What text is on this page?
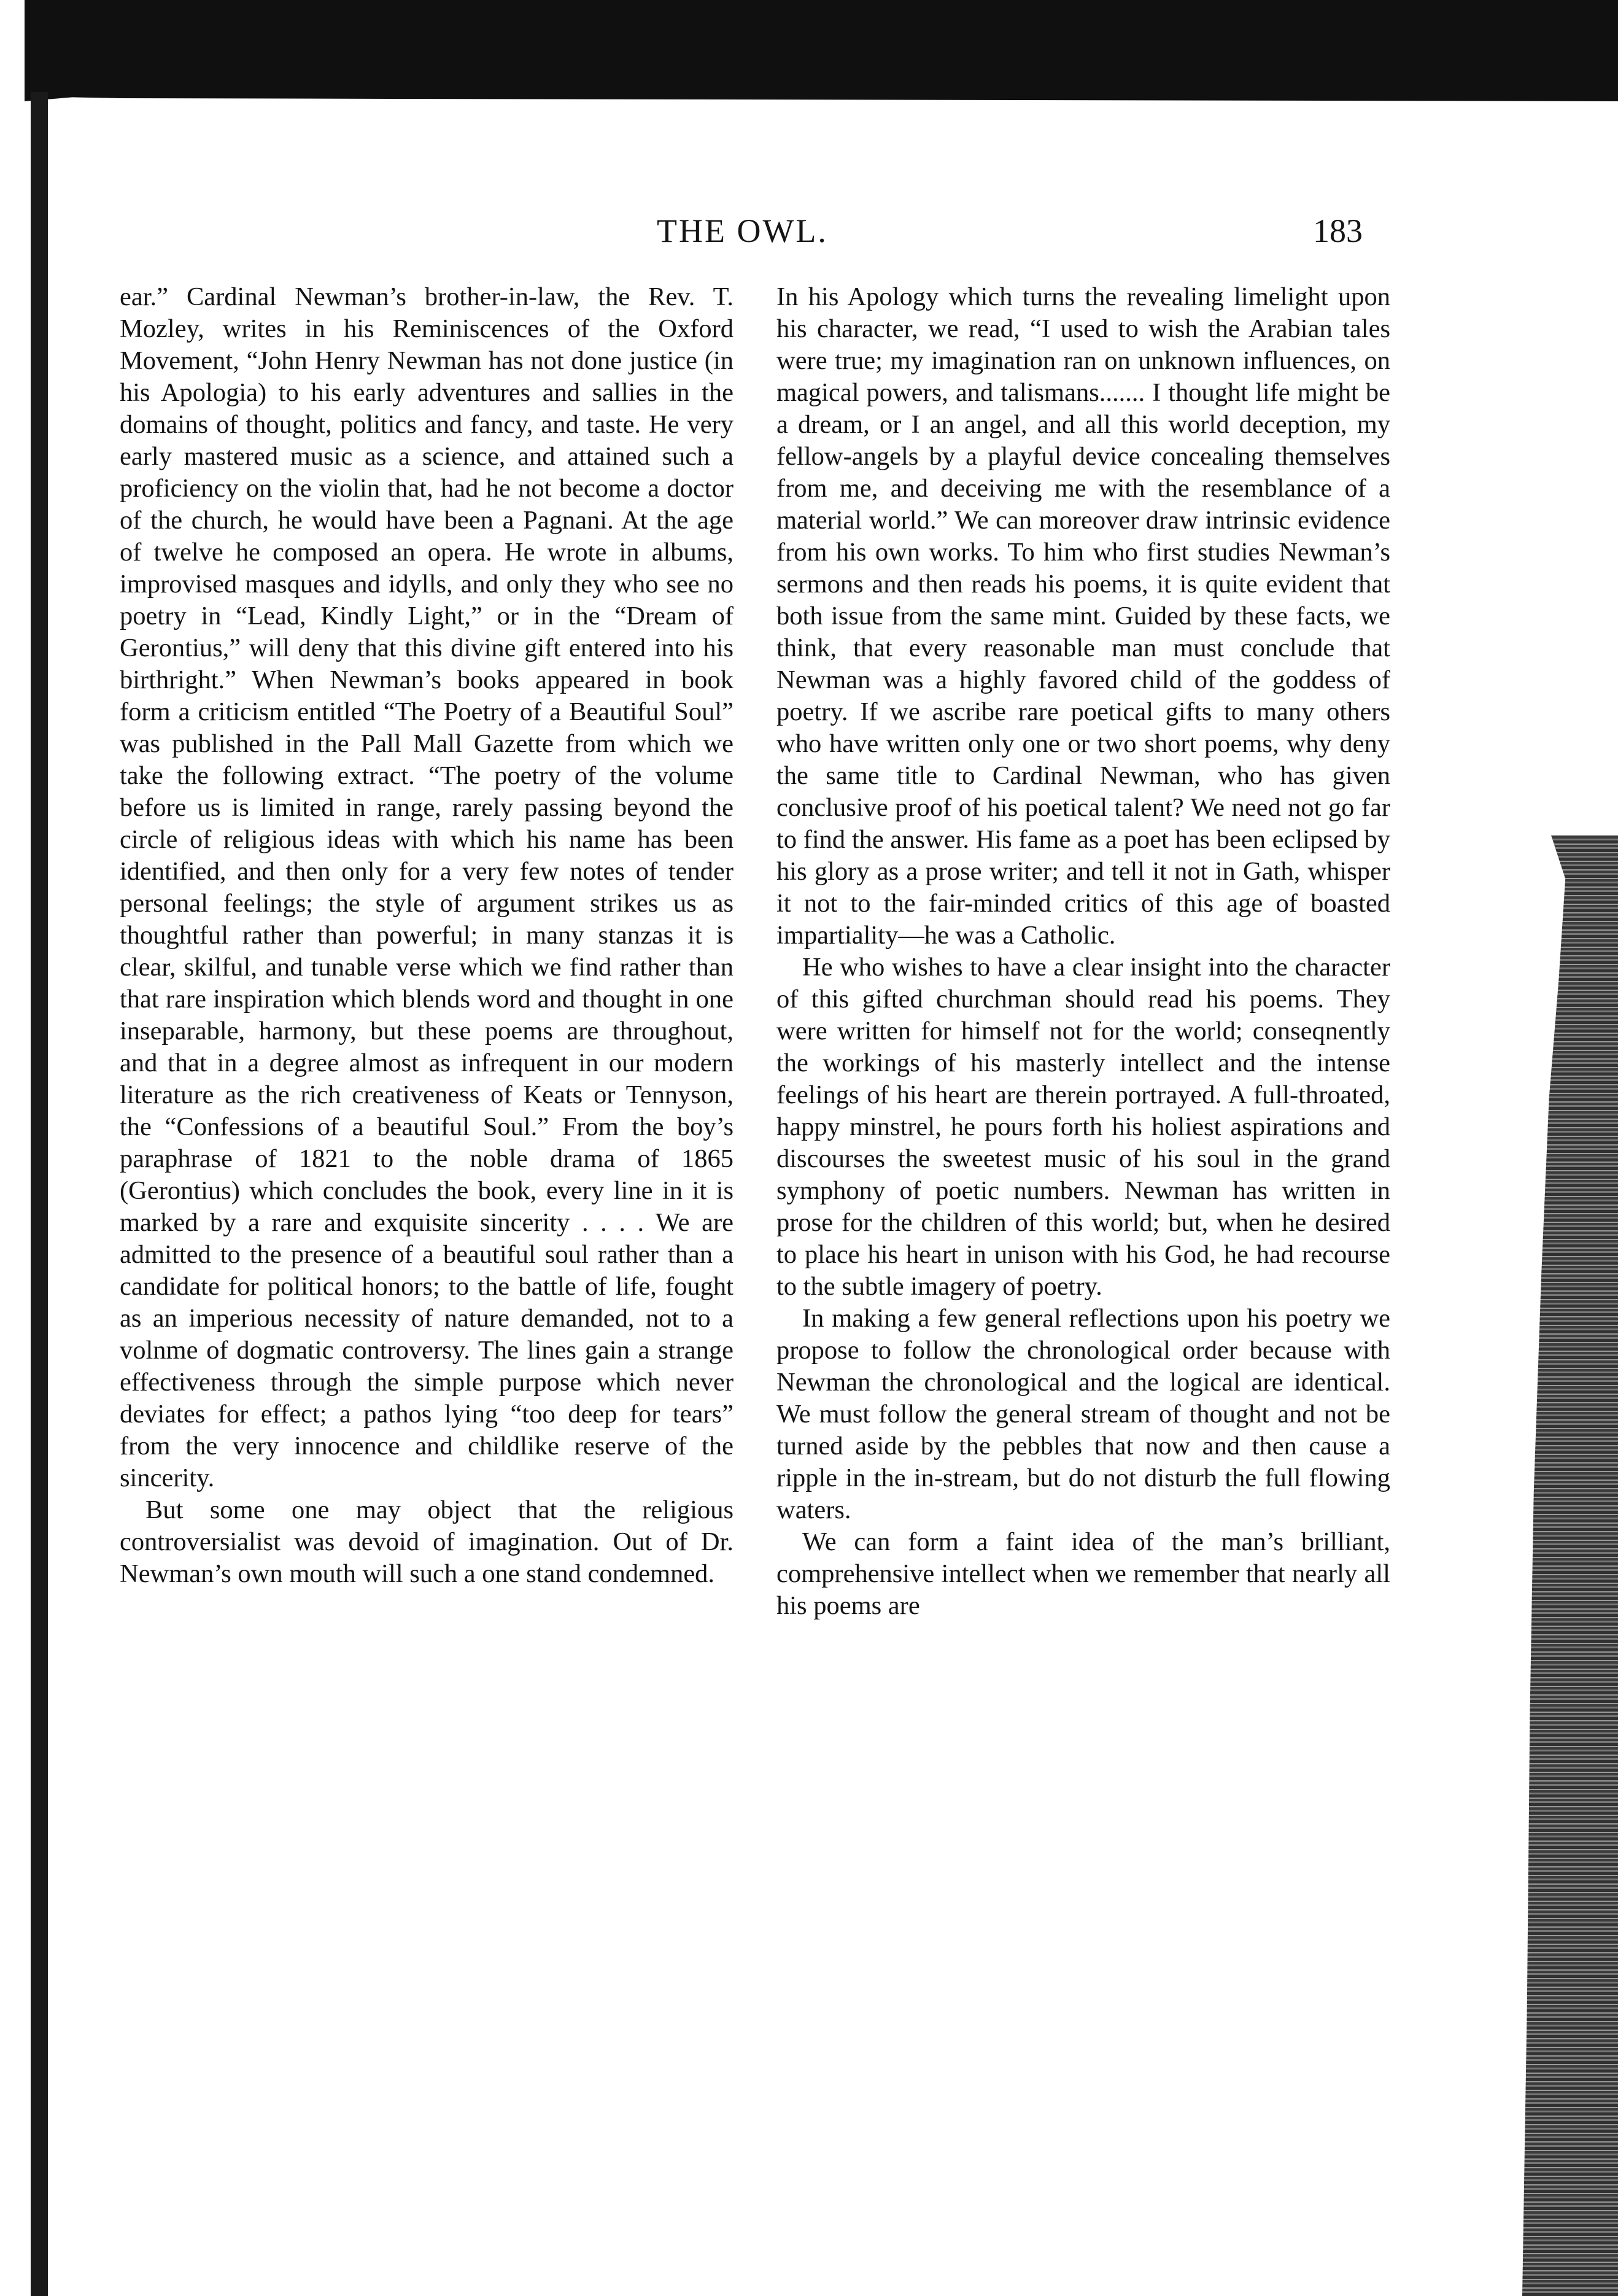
THE OWL.	183

ear.” Cardinal Newman’s brother-in-law, the Rev. T. Mozley, writes in his Reminiscences of the Oxford Movement, “John Henry Newman has not done justice (in his Apologia) to his early adventures and sallies in the domains of thought, politics and fancy, and taste. He very early mastered music as a science, and attained such a proficiency on the violin that, had he not become a doctor of the church, he would have been a Pagnani. At the age of twelve he composed an opera. He wrote in albums, improvised masques and idylls, and only they who see no poetry in “Lead, Kindly Light,” or in the “Dream of Gerontius,” will deny that this divine gift entered into his birthright.” When Newman’s books appeared in book form a criticism entitled “The Poetry of a Beautiful Soul” was published in the Pall Mall Gazette from which we take the following extract. “The poetry of the volume before us is limited in range, rarely passing beyond the circle of religious ideas with which his name has been identified, and then only for a very few notes of tender personal feelings; the style of argument strikes us as thoughtful rather than powerful; in many stanzas it is clear, skilful, and tunable verse which we find rather than that rare inspiration which blends word and thought in one inseparable, harmony, but these poems are throughout, and that in a degree almost as infrequent in our modern literature as the rich creativeness of Keats or Tennyson, the “Confessions of a beautiful Soul.” From the boy’s paraphrase of 1821 to the noble drama of 1865 (Gerontius) which concludes the book, every line in it is marked by a rare and exquisite sincerity . . . . We are admitted to the presence of a beautiful soul rather than a candidate for political honors; to the battle of life, fought as an imperious necessity of nature demanded, not to a volnme of dogmatic controversy. The lines gain a strange effectiveness through the simple purpose which never deviates for effect; a pathos lying “too deep for tears” from the very innocence and childlike reserve of the sincerity.

But some one may object that the religious controversialist was devoid of imagination. Out of Dr. Newman’s own mouth will such a one stand condemned.

In his Apology which turns the revealing limelight upon his character, we read, “I used to wish the Arabian tales were true; my imagination ran on unknown influences, on magical powers, and talismans....... I thought life might be a dream, or I an angel, and all this world deception, my fellow-angels by a playful device concealing themselves from me, and deceiving me with the resemblance of a material world.” We can moreover draw intrinsic evidence from his own works. To him who first studies Newman’s sermons and then reads his poems, it is quite evident that both issue from the same mint. Guided by these facts, we think, that every reasonable man must conclude that Newman was a highly favored child of the goddess of poetry. If we ascribe rare poetical gifts to many others who have written only one or two short poems, why deny the same title to Cardinal Newman, who has given conclusive proof of his poetical talent? We need not go far to find the answer. His fame as a poet has been eclipsed by his glory as a prose writer; and tell it not in Gath, whisper it not to the fair-minded critics of this age of boasted impartiality—he was a Catholic.

He who wishes to have a clear insight into the character of this gifted churchman should read his poems. They were written for himself not for the world; conseqnently the workings of his masterly intellect and the intense feelings of his heart are therein portrayed. A full-throated, happy minstrel, he pours forth his holiest aspirations and discourses the sweetest music of his soul in the grand symphony of poetic numbers. Newman has written in prose for the children of this world; but, when he desired to place his heart in unison with his God, he had recourse to the subtle imagery of poetry.

In making a few general reflections upon his poetry we propose to follow the chronological order because with Newman the chronological and the logical are identical. We must follow the general stream of thought and not be turned aside by the pebbles that now and then cause a ripple in the in-stream, but do not disturb the full flowing waters.

We can form a faint idea of the man’s brilliant, comprehensive intellect when we remember that nearly all his poems are
